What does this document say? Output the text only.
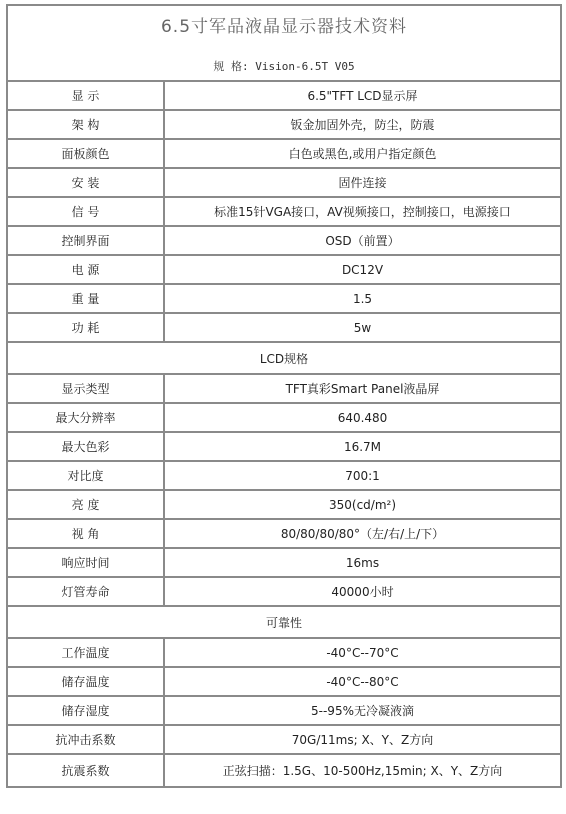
6.5寸军品液晶显示器技术资料
规 格: Vision-6.5T V05	

显 示	6.5"TFT LCD显示屏
架 构	钣金加固外壳，防尘，防震
面板颜色	白色或黑色,或用户指定颜色
安 装	固件连接
信 号	标准15针VGA接口，AV视频接口，控制接口，电源接口
控制界面	OSD（前置）
电 源	DC12V
重 量	1.5
功 耗	5w
LCD规格	
显示类型	TFT真彩Smart Panel液晶屏
最大分辨率	640.480
最大色彩	16.7M
对比度	700:1
亮 度	350(cd/m²)
视 角	80/80/80/80°（左/右/上/下）
响应时间	16ms
灯管寿命	40000小时
可靠性	
工作温度	-40°C--70°C
储存温度	-40°C--80°C
储存湿度	5--95%无冷凝液滴
抗冲击系数	70G/11ms; X、Y、Z方向
抗震系数	正弦扫描：1.5G、10-500Hz,15min; X、Y、Z方向
